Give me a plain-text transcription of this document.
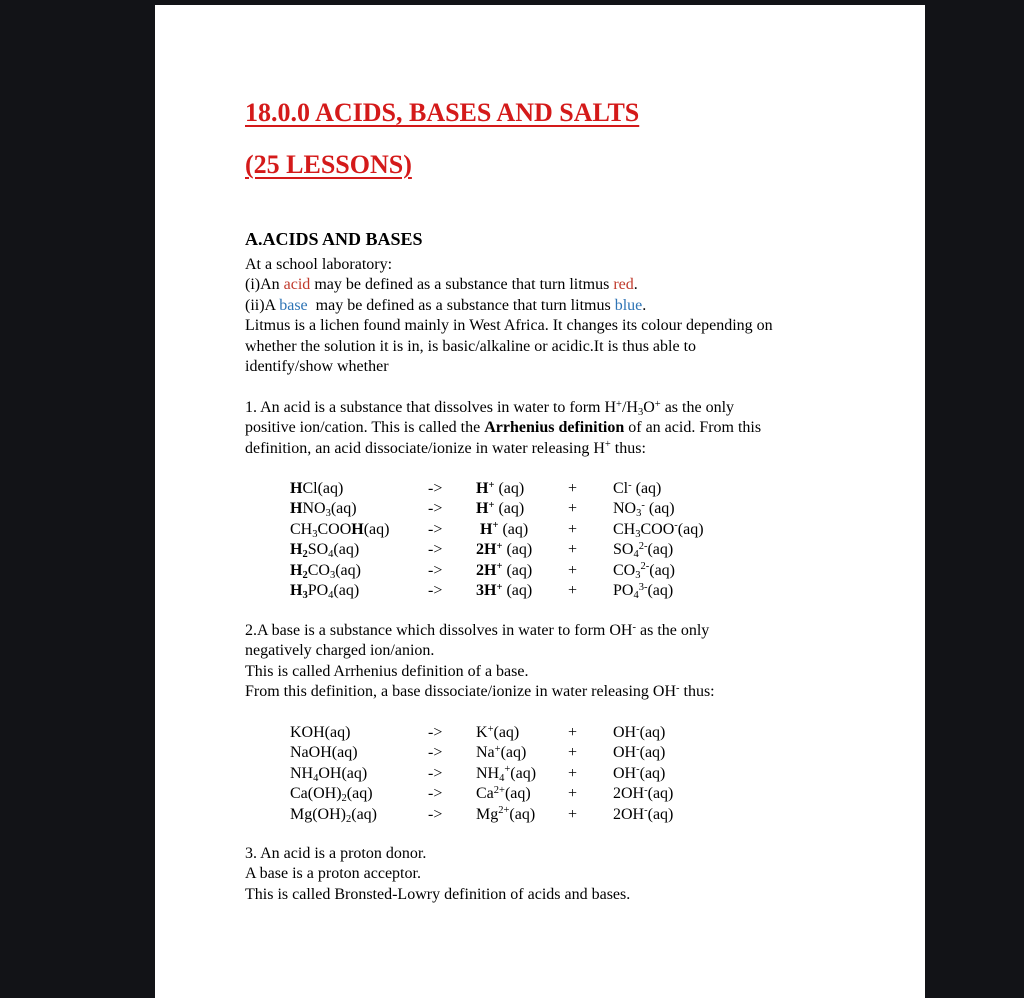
18.0.0 ACIDS, BASES AND SALTS
(25 LESSONS)
A.ACIDS AND BASES
At a school laboratory:
(i)An acid may be defined as a substance that turn litmus red.
(ii)A base  may be defined as a substance that turn litmus blue.
Litmus is a lichen found mainly in West Africa. It changes its colour depending on
whether the solution it is in, is basic/alkaline or acidic.It is thus able to
identify/show whether
1. An acid is a substance that dissolves in water to form $H^+/H_3O^+$ as the only
positive ion/cation. This is called the Arrhenius definition of an acid. From this
definition, an acid dissociate/ionize in water releasing H+ thus:
HCl(aq)	->	H+ (aq)	+	Cl- (aq)
$HNO_3(aq)$	->	H+ (aq)	+	$NO_3^-$ (aq)
$CH_3COOH(aq)$	->	H+ (aq)	+	$CH_3COO^-(aq)$
$H_2SO_4(aq)$	->	2H+ (aq)	+	$SO_4^{2-}(aq)$
$H_2CO_3(aq)$	->	2H+ (aq)	+	$CO_3^{2-}(aq)$
$H_3PO_4(aq)$	->	3H+ (aq)	+	$PO_4^{3-}(aq)$
2.A base is a substance which dissolves in water to form OH- as the only
negatively charged ion/anion.
This is called Arrhenius definition of a base.
From this definition, a base dissociate/ionize in water releasing OH- thus:
KOH(aq)	->	K+(aq)	+	OH-(aq)
NaOH(aq)	->	Na+(aq)	+	OH-(aq)
$NH_4OH(aq)$	->	$NH_4^+(aq)$	+	OH-(aq)
$Ca(OH)_2(aq)$	->	$Ca^{2+}(aq)$	+	2OH-(aq)
$Mg(OH)_2(aq)$	->	$Mg^{2+}(aq)$	+	2OH-(aq)
3. An acid is a proton donor.
A base is a proton acceptor.
This is called Bronsted-Lowry definition of acids and bases.
